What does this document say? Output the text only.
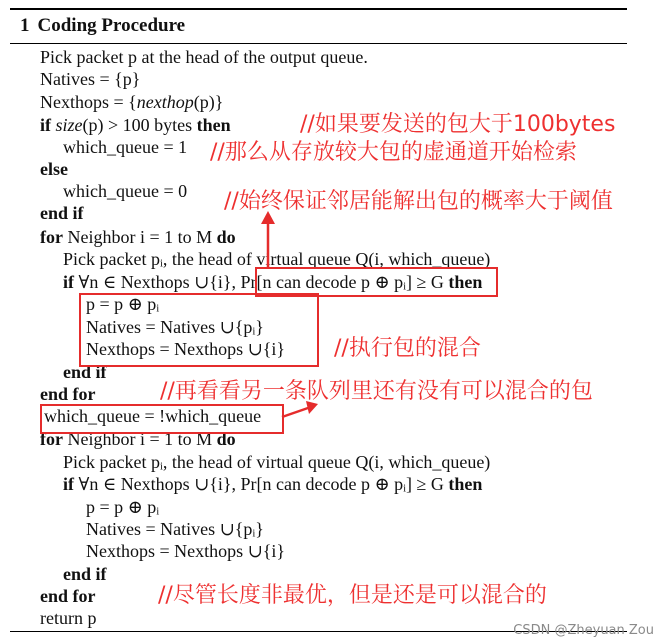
1 Coding Procedure
Pick packet p at the head of the output queue.
Natives = {p}
Nexthops = {nexthop(p)}
if size(p) > 100 bytes then
which_queue = 1
else
which_queue = 0
end if
for Neighbor i = 1 to M do
Pick packet pᵢ, the head of virtual queue Q(i, which_queue)
if ∀n ∈ Nexthops ∪{i}, Pr[n can decode p ⊕ pᵢ] ≥ G then
p = p ⊕ pᵢ
Natives = Natives ∪{pᵢ}
Nexthops = Nexthops ∪{i}
end if
end for
which_queue = !which_queue
for Neighbor i = 1 to M do
Pick packet pᵢ, the head of virtual queue Q(i, which_queue)
if ∀n ∈ Nexthops ∪{i}, Pr[n can decode p ⊕ pᵢ] ≥ G then
p = p ⊕ pᵢ
Natives = Natives ∪{pᵢ}
Nexthops = Nexthops ∪{i}
end if
end for
return p
//如果要发送的包大于100bytes
//那么从存放较大包的虚通道开始检索
//始终保证邻居能解出包的概率大于阈值
//执行包的混合
//再看看另一条队列里还有没有可以混合的包
//尽管长度非最优，但是还是可以混合的
CSDN @Zheyuan Zou
